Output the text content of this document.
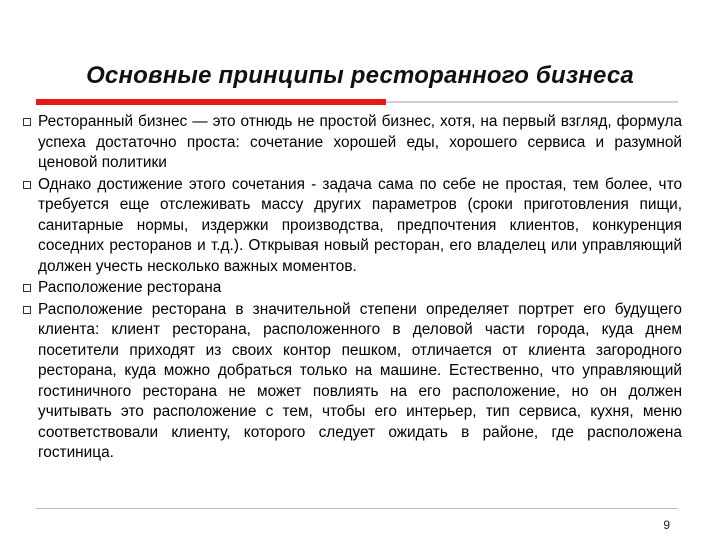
Основные принципы ресторанного бизнеса
Ресторанный бизнес — это отнюдь не простой бизнес, хотя, на первый взгляд, формула успеха достаточно проста: сочетание хорошей еды, хорошего сервиса и разумной ценовой политики
Однако достижение этого сочетания - задача сама по себе не простая, тем более, что требуется еще отслеживать массу других параметров (сроки приготовления пищи, санитарные нормы, издержки производства, предпочтения клиентов, конкуренция соседних ресторанов и т.д.). Открывая новый ресторан, его владелец или управляющий должен учесть несколько важных моментов.
Расположение ресторана
Расположение ресторана в значительной степени определяет портрет его будущего клиента: клиент ресторана, расположенного в деловой части города, куда днем посетители приходят из своих контор пешком, отличается от клиента загородного ресторана, куда можно добраться только на машине. Естественно, что управляющий гостиничного ресторана не может повлиять на его расположение, но он должен учитывать это расположение с тем, чтобы его интерьер, тип сервиса, кухня, меню соответствовали клиенту, которого следует ожидать в районе, где расположена гостиница.
9
